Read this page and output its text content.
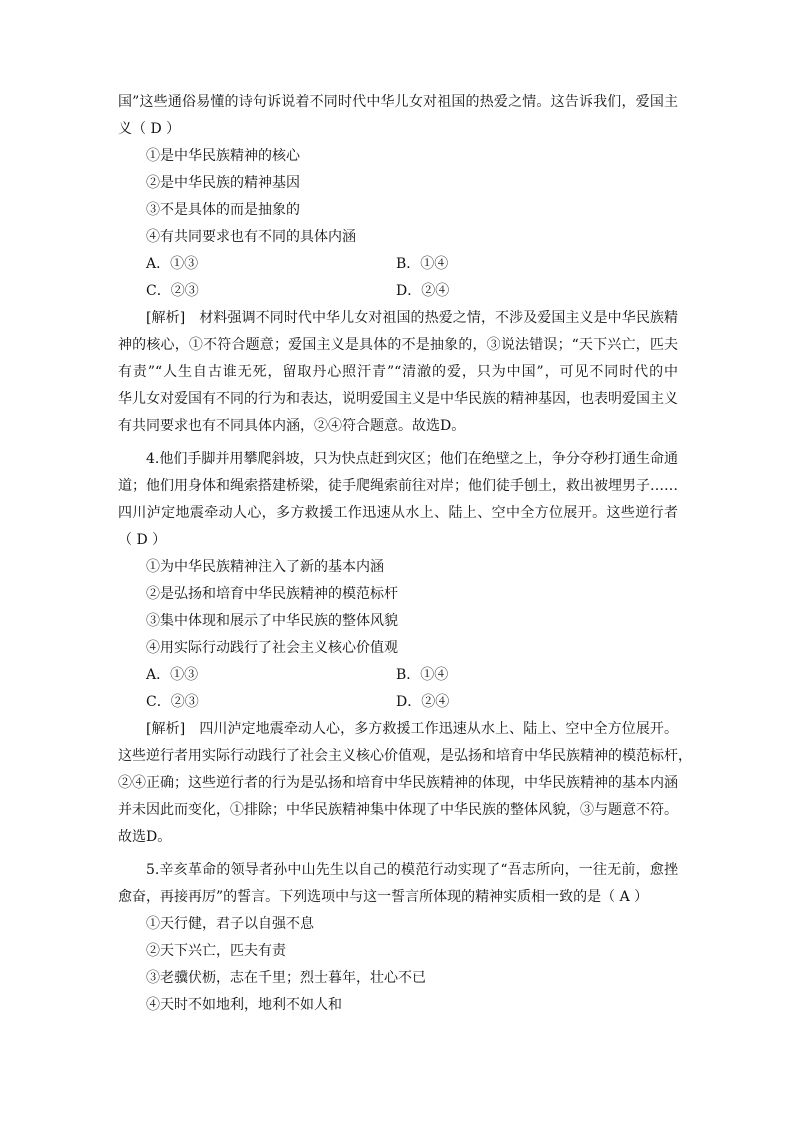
国”这些通俗易懂的诗句诉说着不同时代中华儿女对祖国的热爱之情。这告诉我们，爱国主
义（ D ）
①是中华民族精神的核心
②是中华民族的精神基因
③不是具体的而是抽象的
④有共同要求也有不同的具体内涵
A．①③	B．①④
C．②③	D．②④
[解析]　材料强调不同时代中华儿女对祖国的热爱之情，不涉及爱国主义是中华民族精
神的核心，①不符合题意；爱国主义是具体的不是抽象的，③说法错误；“天下兴亡，匹夫
有责”“人生自古谁无死，留取丹心照汗青”“清澈的爱，只为中国”，可见不同时代的中
华儿女对爱国有不同的行为和表达，说明爱国主义是中华民族的精神基因，也表明爱国主义
有共同要求也有不同具体内涵，②④符合题意。故选D。
4.他们手脚并用攀爬斜坡，只为快点赶到灾区；他们在绝壁之上，争分夺秒打通生命通
道；他们用身体和绳索搭建桥梁，徒手爬绳索前往对岸；他们徒手刨土，救出被埋男子……
四川泸定地震牵动人心，多方救援工作迅速从水上、陆上、空中全方位展开。这些逆行者
（ D ）
①为中华民族精神注入了新的基本内涵
②是弘扬和培育中华民族精神的模范标杆
③集中体现和展示了中华民族的整体风貌
④用实际行动践行了社会主义核心价值观
A．①③	B．①④
C．②③	D．②④
[解析]　四川泸定地震牵动人心，多方救援工作迅速从水上、陆上、空中全方位展开。
这些逆行者用实际行动践行了社会主义核心价值观，是弘扬和培育中华民族精神的模范标杆，
②④正确；这些逆行者的行为是弘扬和培育中华民族精神的体现，中华民族精神的基本内涵
并未因此而变化，①排除；中华民族精神集中体现了中华民族的整体风貌，③与题意不符。
故选D。
5.辛亥革命的领导者孙中山先生以自己的模范行动实现了“吾志所向，一往无前，愈挫
愈奋，再接再厉”的誓言。下列选项中与这一誓言所体现的精神实质相一致的是（ A ）
①天行健，君子以自强不息
②天下兴亡，匹夫有责
③老骥伏枥，志在千里；烈士暮年，壮心不已
④天时不如地利，地利不如人和
